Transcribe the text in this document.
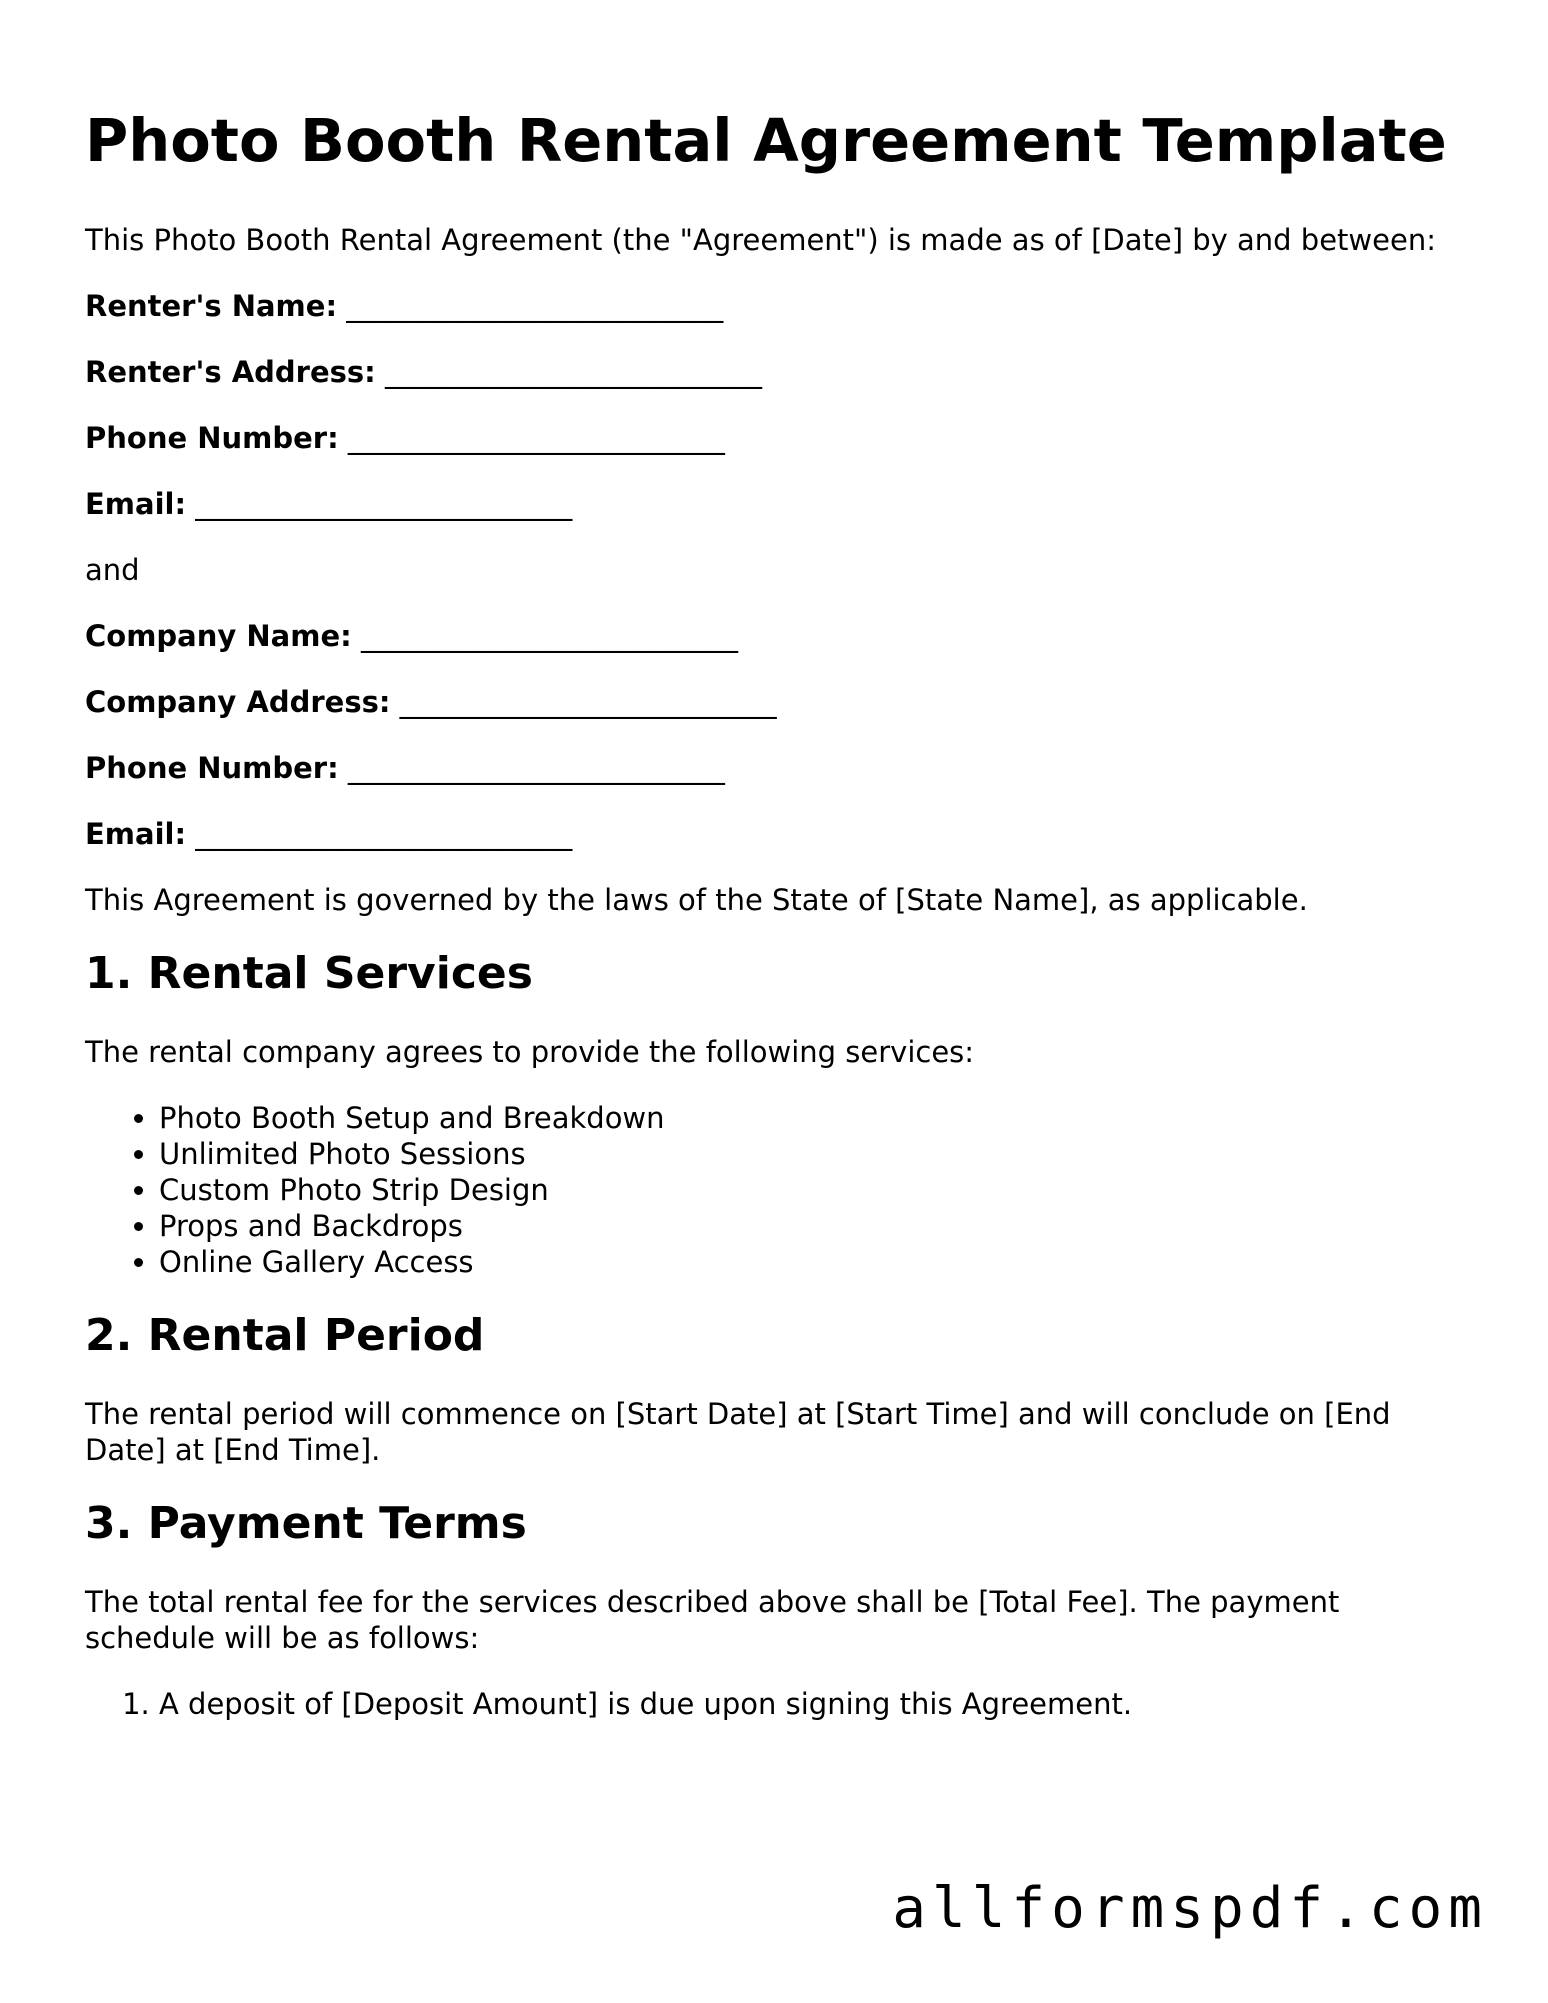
Photo Booth Rental Agreement Template

This Photo Booth Rental Agreement (the "Agreement") is made as of [Date] by and between:

Renter's Name: __________________________
Renter's Address: __________________________
Phone Number: __________________________
Email: __________________________

and

Company Name: __________________________
Company Address: __________________________
Phone Number: __________________________
Email: __________________________

This Agreement is governed by the laws of the State of [State Name], as applicable.

1. Rental Services

The rental company agrees to provide the following services:

• Photo Booth Setup and Breakdown
• Unlimited Photo Sessions
• Custom Photo Strip Design
• Props and Backdrops
• Online Gallery Access
2. Rental Period

The rental period will commence on [Start Date] at [Start Time] and will conclude on [End Date] at [End Time].

3. Payment Terms

The total rental fee for the services described above shall be [Total Fee]. The payment schedule will be as follows:

1. A deposit of [Deposit Amount] is due upon signing this Agreement.
allformspdf.com
